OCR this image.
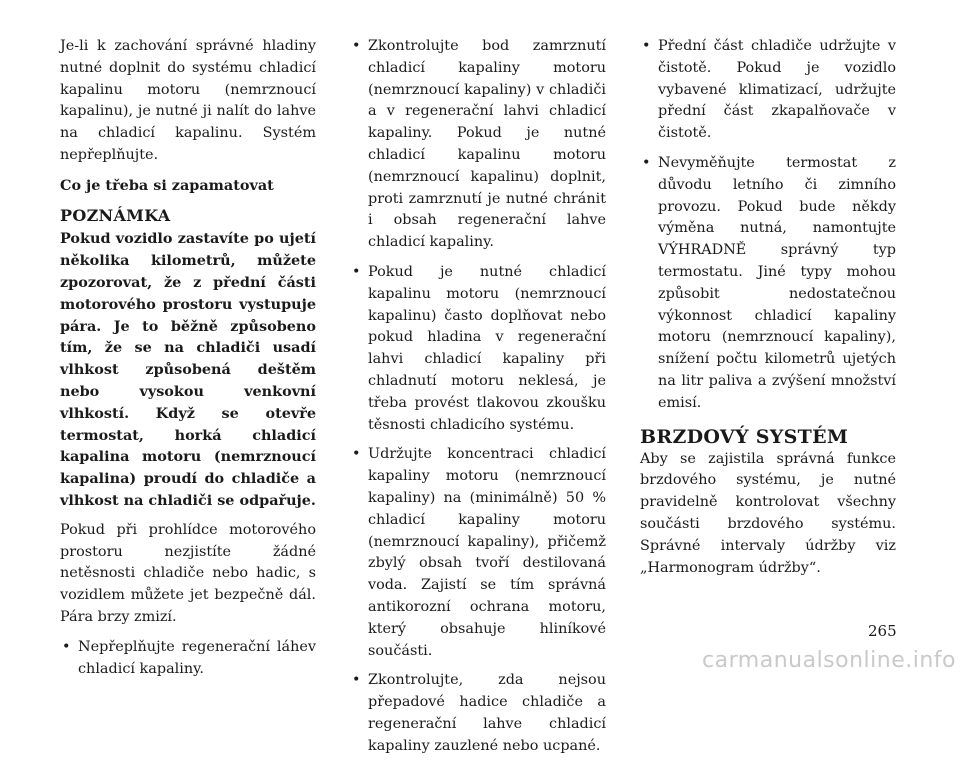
Je-li k zachování správné hladiny nutné doplnit do systému chladicí kapalinu motoru (nemrznoucí kapalinu), je nutné ji nalít do lahve na chladicí kapalinu. Systém nepřeplňujte.

Co je třeba si zapamatovat

POZNÁMKA

Pokud vozidlo zastavíte po ujetí několika kilometrů, můžete zpozorovat, že z přední části motorového prostoru vystupuje pára. Je to běžně způsobeno tím, že se na chladiči usadí vlhkost způsobená deštěm nebo vysokou venkovní vlhkostí. Když se otevře termostat, horká chladicí kapalina motoru (nemrznoucí kapalina) proudí do chladiče a vlhkost na chladiči se odpařuje.

Pokud při prohlídce motorového prostoru nezjistíte žádné netěsnosti chladiče nebo hadic, s vozidlem můžete jet bezpečně dál. Pára brzy zmizí.

• Nepřeplňujte regenerační láhev chladicí kapaliny.
• Zkontrolujte bod zamrznutí chladicí kapaliny motoru (nemrznoucí kapaliny) v chladiči a v regenerační lahvi chladicí kapaliny. Pokud je nutné chladicí kapalinu motoru (nemrznoucí kapalinu) doplnit, proti zamrznutí je nutné chránit i obsah regenerační lahve chladicí kapaliny.
• Pokud je nutné chladicí kapalinu motoru (nemrznoucí kapalinu) často doplňovat nebo pokud hladina v regenerační lahvi chladicí kapaliny při chladnutí motoru neklesá, je třeba provést tlakovou zkoušku těsnosti chladicího systému.
• Udržujte koncentraci chladicí kapaliny motoru (nemrznoucí kapaliny) na (minimálně) 50 % chladicí kapaliny motoru (nemrznoucí kapaliny), přičemž zbylý obsah tvoří destilovaná voda. Zajistí se tím správná antikorozní ochrana motoru, který obsahuje hliníkové součásti.
• Zkontrolujte, zda nejsou přepadové hadice chladiče a regenerační lahve chladicí kapaliny zauzlené nebo ucpané.
• Přední část chladiče udržujte v čistotě. Pokud je vozidlo vybavené klimatizací, udržujte přední část zkapalňovače v čistotě.
• Nevyměňujte termostat z důvodu letního či zimního provozu. Pokud bude někdy výměna nutná, namontujte VÝHRADNĚ správný typ termostatu. Jiné typy mohou způsobit nedostatečnou výkonnost chladicí kapaliny motoru (nemrznoucí kapaliny), snížení počtu kilometrů ujetých na litr paliva a zvýšení množství emisí.
BRZDOVÝ SYSTÉM

Aby se zajistila správná funkce brzdového systému, je nutné pravidelně kontrolovat všechny součásti brzdového systému. Správné intervaly údržby viz „Harmonogram údržby“.

265
carmanualsonline.info
